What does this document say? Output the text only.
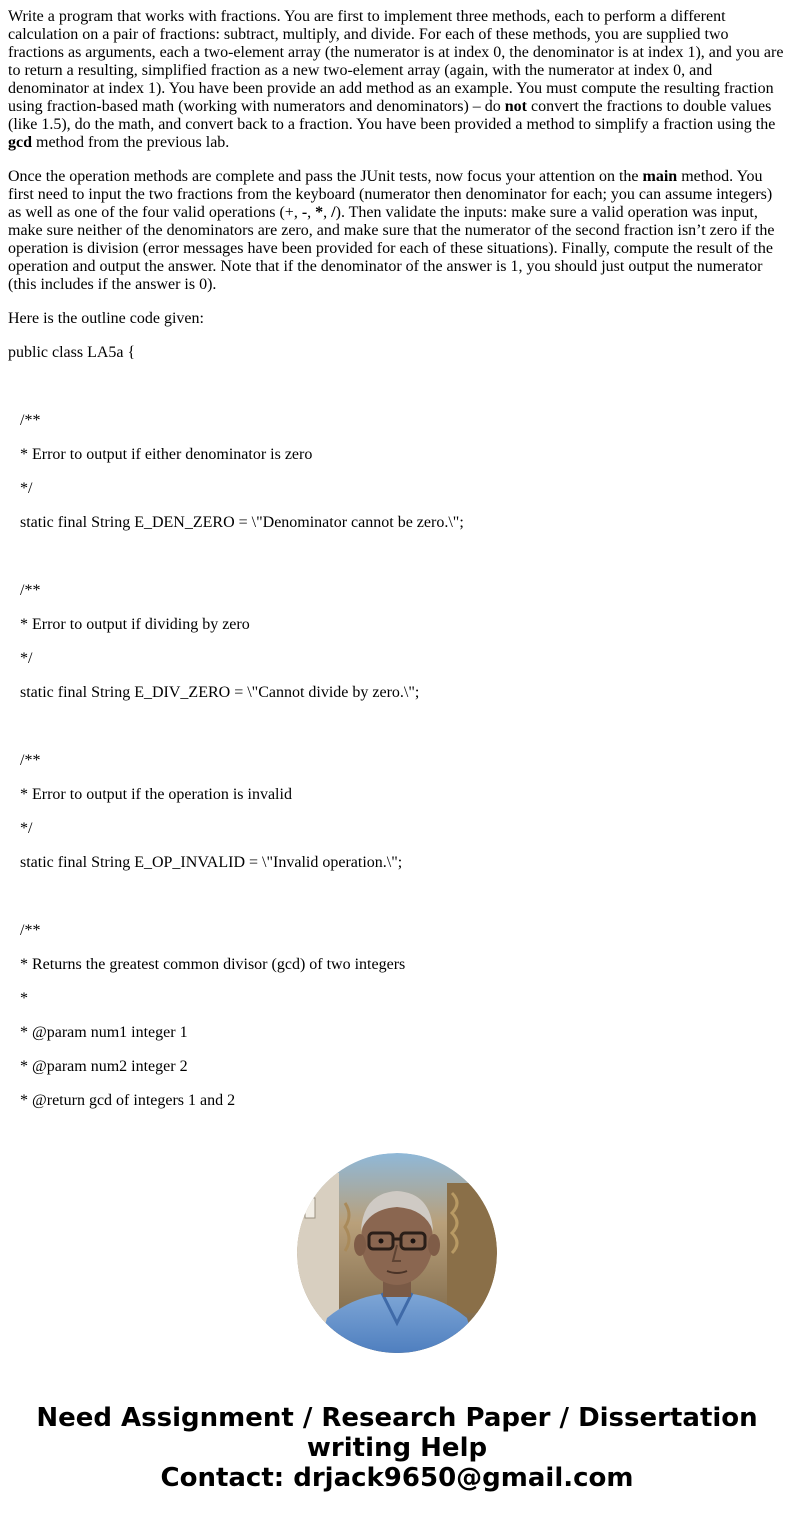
Write a program that works with fractions. You are first to implement three methods, each to perform a different calculation on a pair of fractions: subtract, multiply, and divide. For each of these methods, you are supplied two fractions as arguments, each a two-element array (the numerator is at index 0, the denominator is at index 1), and you are to return a resulting, simplified fraction as a new two-element array (again, with the numerator at index 0, and denominator at index 1). You have been provide an add method as an example. You must compute the resulting fraction using fraction-based math (working with numerators and denominators) – do not convert the fractions to double values (like 1.5), do the math, and convert back to a fraction. You have been provided a method to simplify a fraction using the gcd method from the previous lab.

Once the operation methods are complete and pass the JUnit tests, now focus your attention on the main method. You first need to input the two fractions from the keyboard (numerator then denominator for each; you can assume integers) as well as one of the four valid operations (+, -, *, /). Then validate the inputs: make sure a valid operation was input, make sure neither of the denominators are zero, and make sure that the numerator of the second fraction isn’t zero if the operation is division (error messages have been provided for each of these situations). Finally, compute the result of the operation and output the answer. Note that if the denominator of the answer is 1, you should just output the numerator (this includes if the answer is 0).

Here is the outline code given:

public class LA5a {
/**
* Error to output if either denominator is zero
*/
static final String E_DEN_ZERO = \"Denominator cannot be zero.\";
/**
* Error to output if dividing by zero
*/
static final String E_DIV_ZERO = \"Cannot divide by zero.\";
/**
* Error to output if the operation is invalid
*/
static final String E_OP_INVALID = \"Invalid operation.\";
/**
* Returns the greatest common divisor (gcd) of two integers
*
* @param num1 integer 1
* @param num2 integer 2
* @return gcd of integers 1 and 2
Need Assignment / Research Paper / Dissertation
writing Help
Contact: drjack9650@gmail.com
